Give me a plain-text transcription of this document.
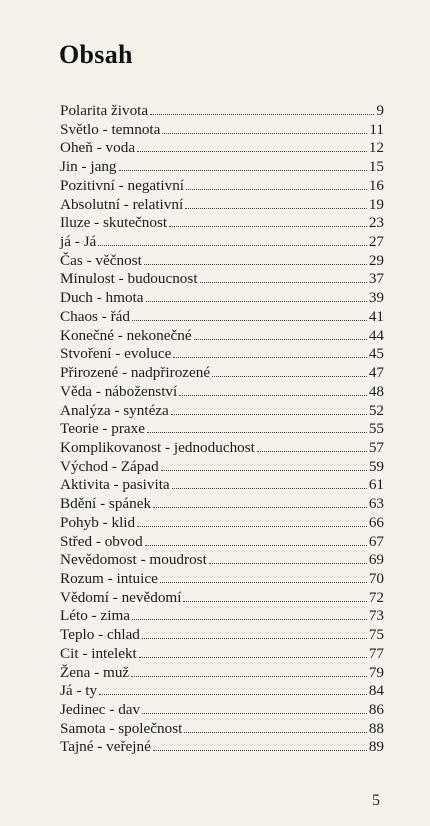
Obsah
Polarita života	9
Světlo - temnota	11
Oheň - voda	12
Jin - jang	15
Pozitivní - negativní	16
Absolutní - relativní	19
Iluze - skutečnost	23
já - Já	27
Čas - věčnost	29
Minulost - budoucnost	37
Duch - hmota	39
Chaos - řád	41
Konečné - nekonečné	44
Stvoření - evoluce	45
Přirozené - nadpřirozené	47
Věda - náboženství	48
Analýza - syntéza	52
Teorie - praxe	55
Komplikovanost - jednoduchost	57
Východ - Západ	59
Aktivita - pasivita	61
Bdění - spánek	63
Pohyb - klid	66
Střed - obvod	67
Nevědomost - moudrost	69
Rozum - intuice	70
Vědomí - nevědomí	72
Léto - zima	73
Teplo - chlad	75
Cit - intelekt	77
Žena - muž	79
Já - ty	84
Jedinec - dav	86
Samota - společnost	88
Tajné - veřejné	89
5
